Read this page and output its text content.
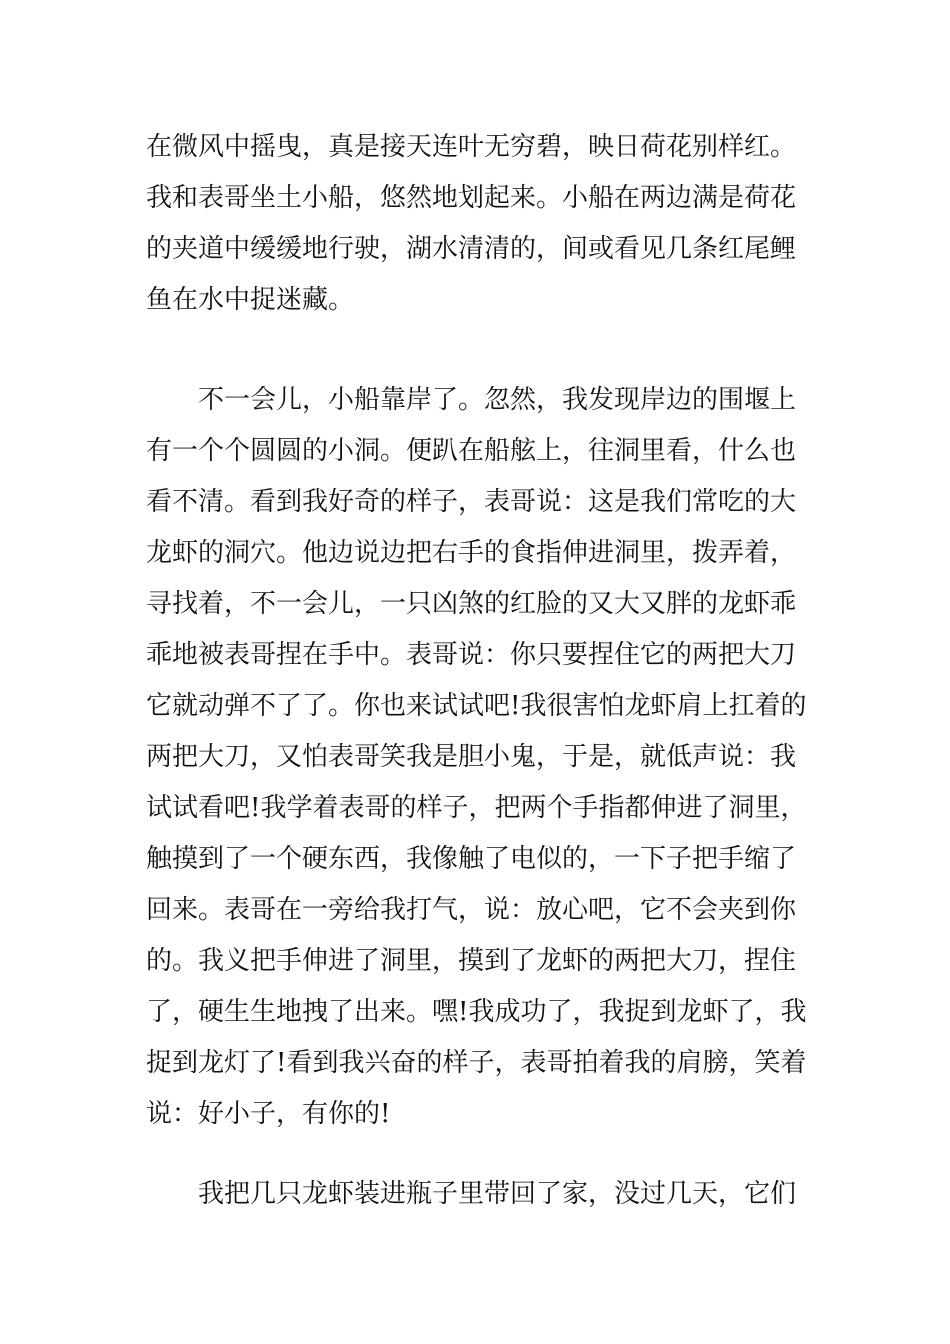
在微风中摇曳，真是接天连叶无穷碧，映日荷花别样红。
我和表哥坐土小船，悠然地划起来。小船在两边满是荷花
的夹道中缓缓地行驶，湖水清清的，间或看见几条红尾鲤
鱼在水中捉迷藏。
不一会儿，小船靠岸了。忽然，我发现岸边的围堰上
有一个个圆圆的小洞。便趴在船舷上，往洞里看，什么也
看不清。看到我好奇的样子，表哥说：这是我们常吃的大
龙虾的洞穴。他边说边把右手的食指伸进洞里，拨弄着，
寻找着，不一会儿，一只凶煞的红脸的又大又胖的龙虾乖
乖地被表哥捏在手中。表哥说：你只要捏住它的两把大刀
它就动弹不了了。你也来试试吧!我很害怕龙虾肩上扛着的
两把大刀，又怕表哥笑我是胆小鬼，于是，就低声说：我
试试看吧!我学着表哥的样子，把两个手指都伸进了洞里，
触摸到了一个硬东西，我像触了电似的，一下子把手缩了
回来。表哥在一旁给我打气，说：放心吧，它不会夹到你
的。我义把手伸进了洞里，摸到了龙虾的两把大刀，捏住
了，硬生生地拽了出来。嘿!我成功了，我捉到龙虾了，我
捉到龙灯了!看到我兴奋的样子，表哥拍着我的肩膀，笑着
说：好小子，有你的!
我把几只龙虾装进瓶子里带回了家，没过几天，它们
